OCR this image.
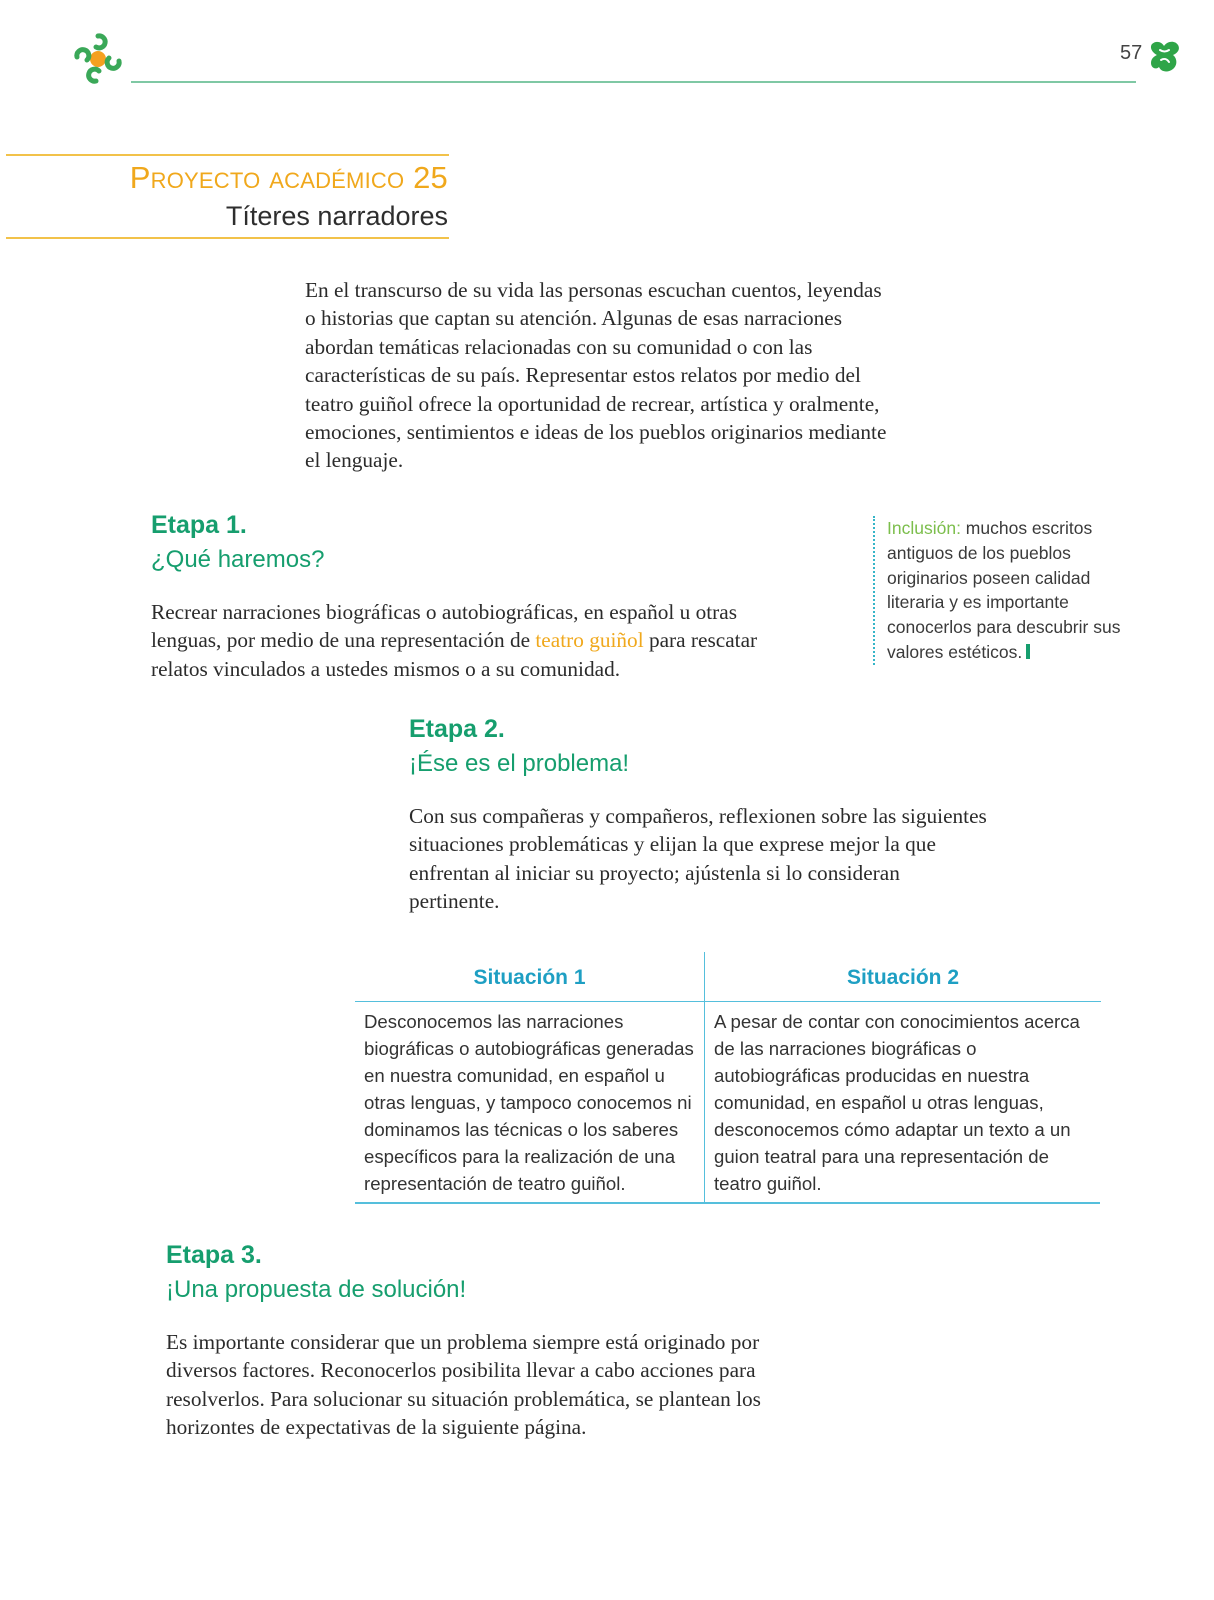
57
Proyecto académico 25
Títeres narradores
En el transcurso de su vida las personas escuchan cuentos, leyendas o historias que captan su atención. Algunas de esas narraciones abordan temáticas relacionadas con su comunidad o con las características de su país. Representar estos relatos por medio del teatro guiñol ofrece la oportunidad de recrear, artística y oralmente, emociones, sentimientos e ideas de los pueblos originarios mediante el lenguaje.
Etapa 1.
¿Qué haremos?
Recrear narraciones biográficas o autobiográficas, en español u otras lenguas, por medio de una representación de teatro guiñol para rescatar relatos vinculados a ustedes mismos o a su comunidad.
Inclusión: muchos escritos antiguos de los pueblos originarios poseen calidad literaria y es importante conocerlos para descubrir sus valores estéticos.
Etapa 2.
¡Ése es el problema!
Con sus compañeras y compañeros, reflexionen sobre las siguientes situaciones problemáticas y elijan la que exprese mejor la que enfrentan al iniciar su proyecto; ajústenla si lo consideran pertinente.
Situación 1
Desconocemos las narraciones biográficas o autobiográficas generadas en nuestra comunidad, en español u otras lenguas, y tampoco conocemos ni dominamos las técnicas o los saberes específicos para la realización de una representación de teatro guiñol.
Situación 2
A pesar de contar con conocimientos acerca de las narraciones biográficas o autobiográficas producidas en nuestra comunidad, en español u otras lenguas, desconocemos cómo adaptar un texto a un guion teatral para una representación de teatro guiñol.
Etapa 3.
¡Una propuesta de solución!
Es importante considerar que un problema siempre está originado por diversos factores. Reconocerlos posibilita llevar a cabo acciones para resolverlos. Para solucionar su situación problemática, se plantean los horizontes de expectativas de la siguiente página.
